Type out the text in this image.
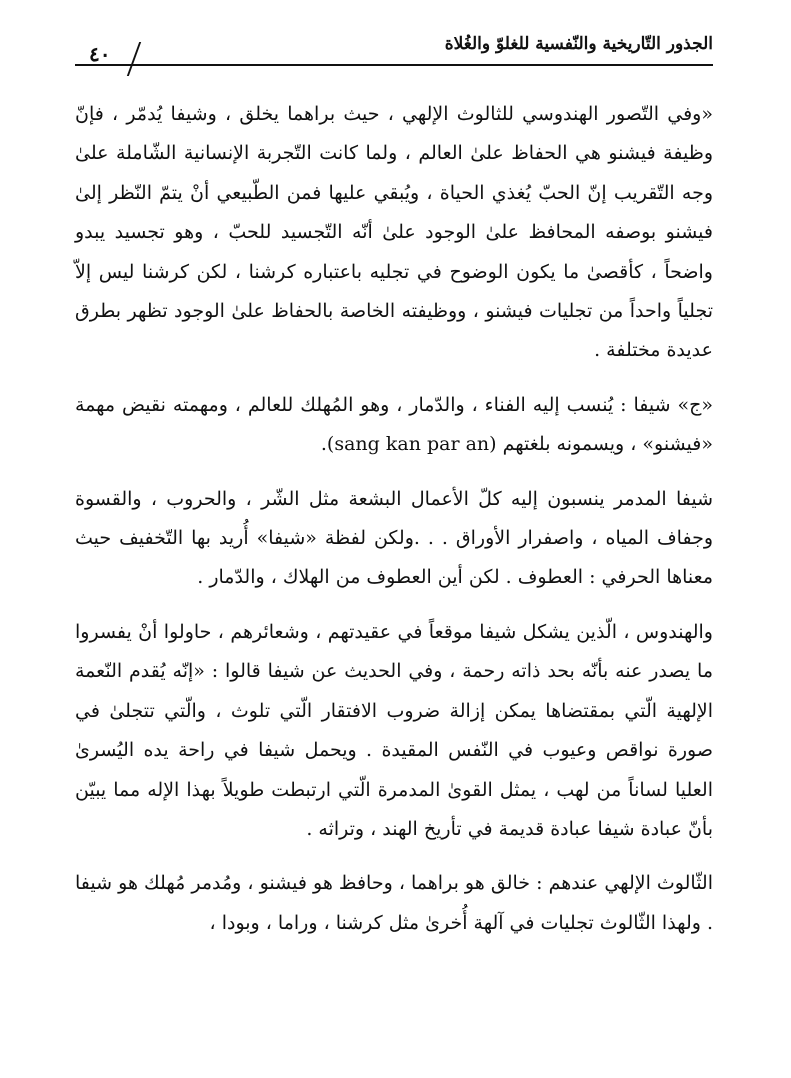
الجذور التّاريخية والنّفسية للغلوّ والغُلاة
٤٠

«وفي التّصور الهندوسي للثالوث الإلهي ، حيث براهما يخلق ، وشيفا يُدمّر ، فإنّ وظيفة فيشنو هي الحفاظ علىٰ العالم ، ولما كانت التّجربة الإنسانية الشّاملة علىٰ وجه التّقريب إنّ الحبّ يُغذي الحياة ، ويُبقي عليها فمن الطّبيعي أنْ يتمّ النّظر إلىٰ فيشنو بوصفه المحافظ علىٰ الوجود علىٰ أنّه التّجسيد للحبّ ، وهو تجسيد يبدو واضحاً ، كأقصىٰ ما يكون الوضوح في تجليه باعتباره كرشنا ، لكن كرشنا ليس إلاّ تجلياً واحداً من تجليات فيشنو ، ووظيفته الخاصة بالحفاظ علىٰ الوجود تظهر بطرق عديدة مختلفة .

«ج» شيفا : يُنسب إليه الفناء ، والدّمار ، وهو المُهلك للعالم ، ومهمته نقيض مهمة «فيشنو» ، ويسمونه بلغتهم (sang kan par an).

شيفا المدمر ينسبون إليه كلّ الأعمال البشعة مثل الشّر ، والحروب ، والقسوة وجفاف المياه ، واصفرار الأوراق . . .ولكن لفظة «شيفا» أُريد بها التّخفيف حيث معناها الحرفي : العطوف . لكن أين العطوف من الهلاك ، والدّمار .

والهندوس ، الّذين يشكل شيفا موقعاً في عقيدتهم ، وشعائرهم ، حاولوا أنْ يفسروا ما يصدر عنه بأنّه بحد ذاته رحمة ، وفي الحديث عن شيفا قالوا : «إنّه يُقدم النّعمة الإلهية الّتي بمقتضاها يمكن إزالة ضروب الافتقار الّتي تلوث ، والّتي تتجلىٰ في صورة نواقص وعيوب في النّفس المقيدة . ويحمل شيفا في راحة يده اليُسرىٰ العليا لساناً من لهب ، يمثل القوىٰ المدمرة الّتي ارتبطت طويلاً بهذا الإله مما يبيّن بأنّ عبادة شيفا عبادة قديمة في تأريخ الهند ، وتراثه .

الثّالوث الإلهي عندهم : خالق هو براهما ، وحافظ هو فيشنو ، ومُدمر مُهلك هو شيفا . ولهذا الثّالوث تجليات في آلهة أُخرىٰ مثل كرشنا ، وراما ، وبودا ،
